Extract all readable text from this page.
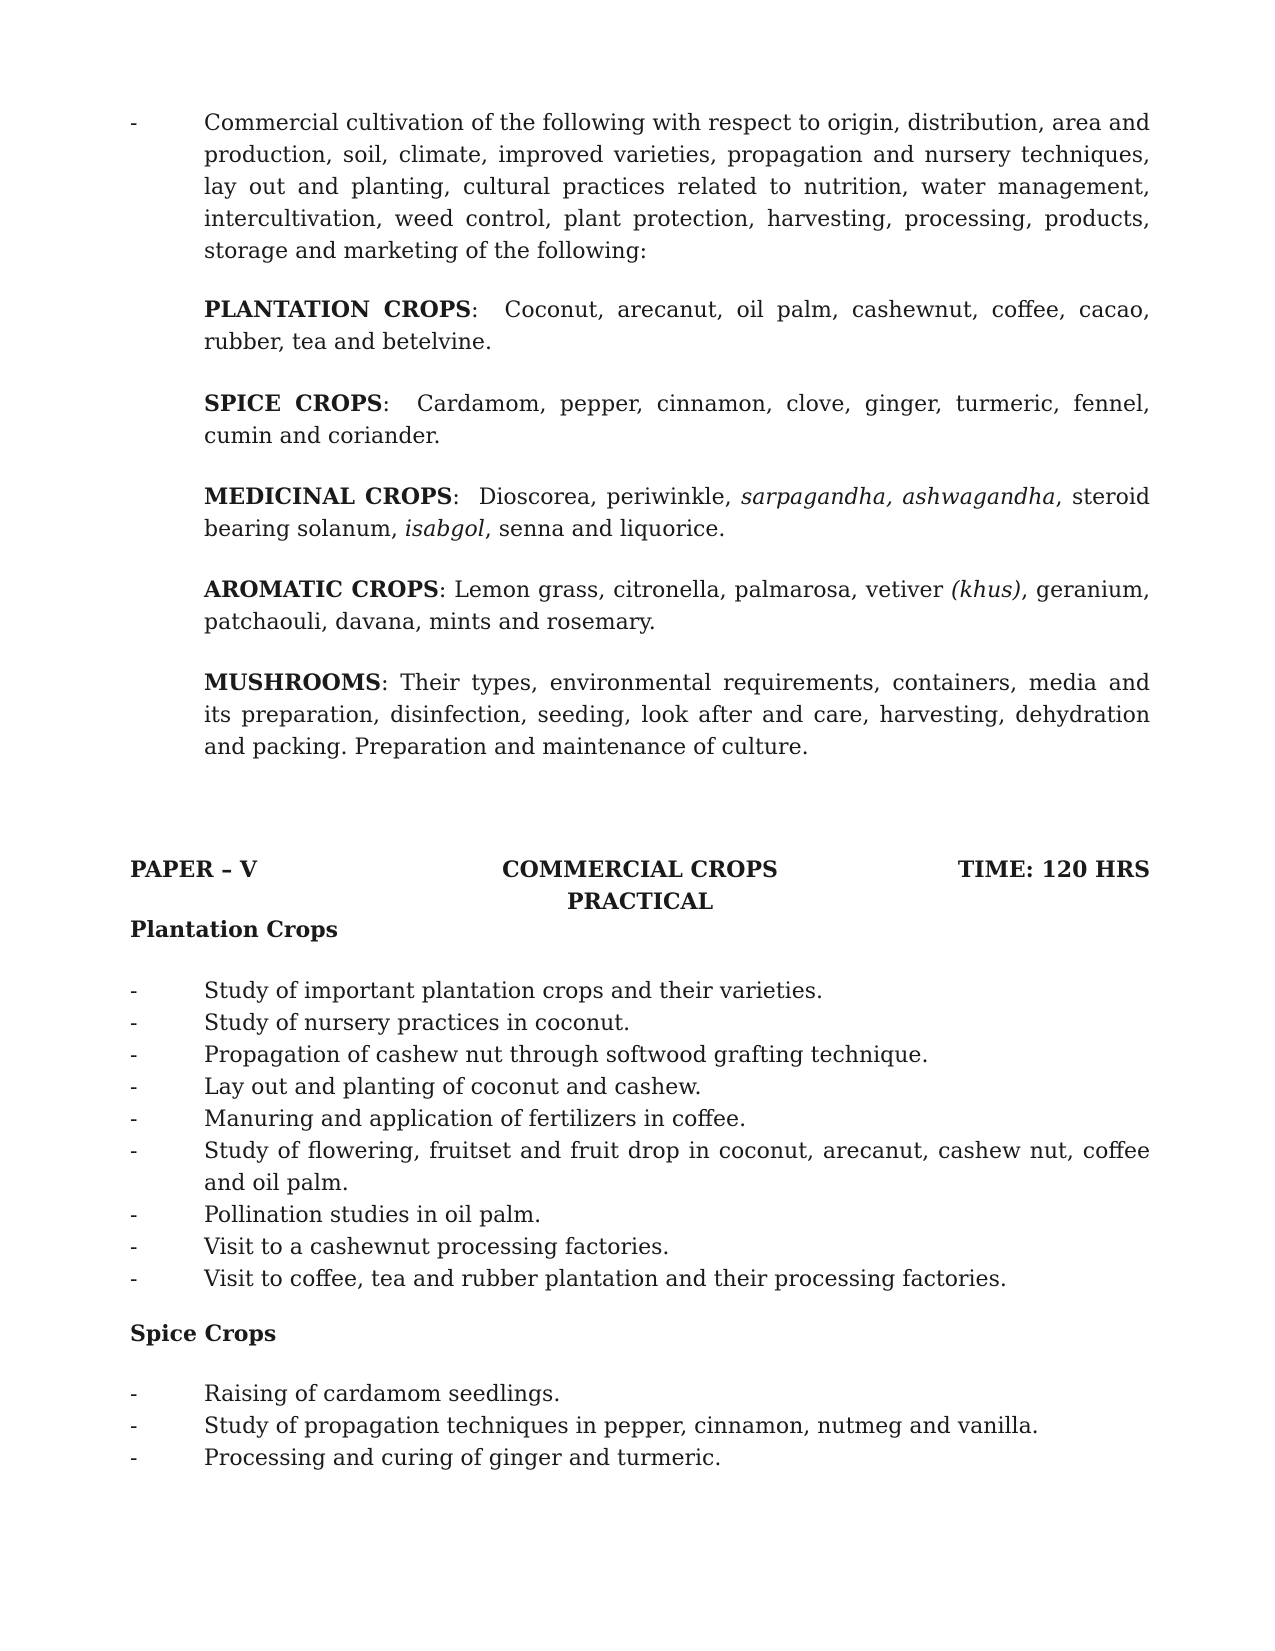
-	Commercial cultivation of the following with respect to origin, distribution, area and production, soil, climate, improved varieties, propagation and nursery techniques, lay out and planting, cultural practices related to nutrition, water management, intercultivation, weed control, plant protection, harvesting, processing, products, storage and marketing of the following:
PLANTATION CROPS: Coconut, arecanut, oil palm, cashewnut, coffee, cacao, rubber, tea and betelvine.
SPICE CROPS: Cardamom, pepper, cinnamon, clove, ginger, turmeric, fennel, cumin and coriander.
MEDICINAL CROPS: Dioscorea, periwinkle, sarpagandha, ashwagandha, steroid bearing solanum, isabgol, senna and liquorice.
AROMATIC CROPS: Lemon grass, citronella, palmarosa, vetiver (khus), geranium, patchaouli, davana, mints and rosemary.
MUSHROOMS: Their types, environmental requirements, containers, media and its preparation, disinfection, seeding, look after and care, harvesting, dehydration and packing. Preparation and maintenance of culture.
PAPER – V	COMMERCIAL CROPS
PRACTICAL
TIME: 120 HRS
Plantation Crops
-	Study of important plantation crops and their varieties.
-	Study of nursery practices in coconut.
-	Propagation of cashew nut through softwood grafting technique.
-	Lay out and planting of coconut and cashew.
-	Manuring and application of fertilizers in coffee.
-	Study of flowering, fruitset and fruit drop in coconut, arecanut, cashew nut, coffee and oil palm.
-	Pollination studies in oil palm.
-	Visit to a cashewnut processing factories.
-	Visit to coffee, tea and rubber plantation and their processing factories.
Spice Crops
-	Raising of cardamom seedlings.
-	Study of propagation techniques in pepper, cinnamon, nutmeg and vanilla.
-	Processing and curing of ginger and turmeric.
